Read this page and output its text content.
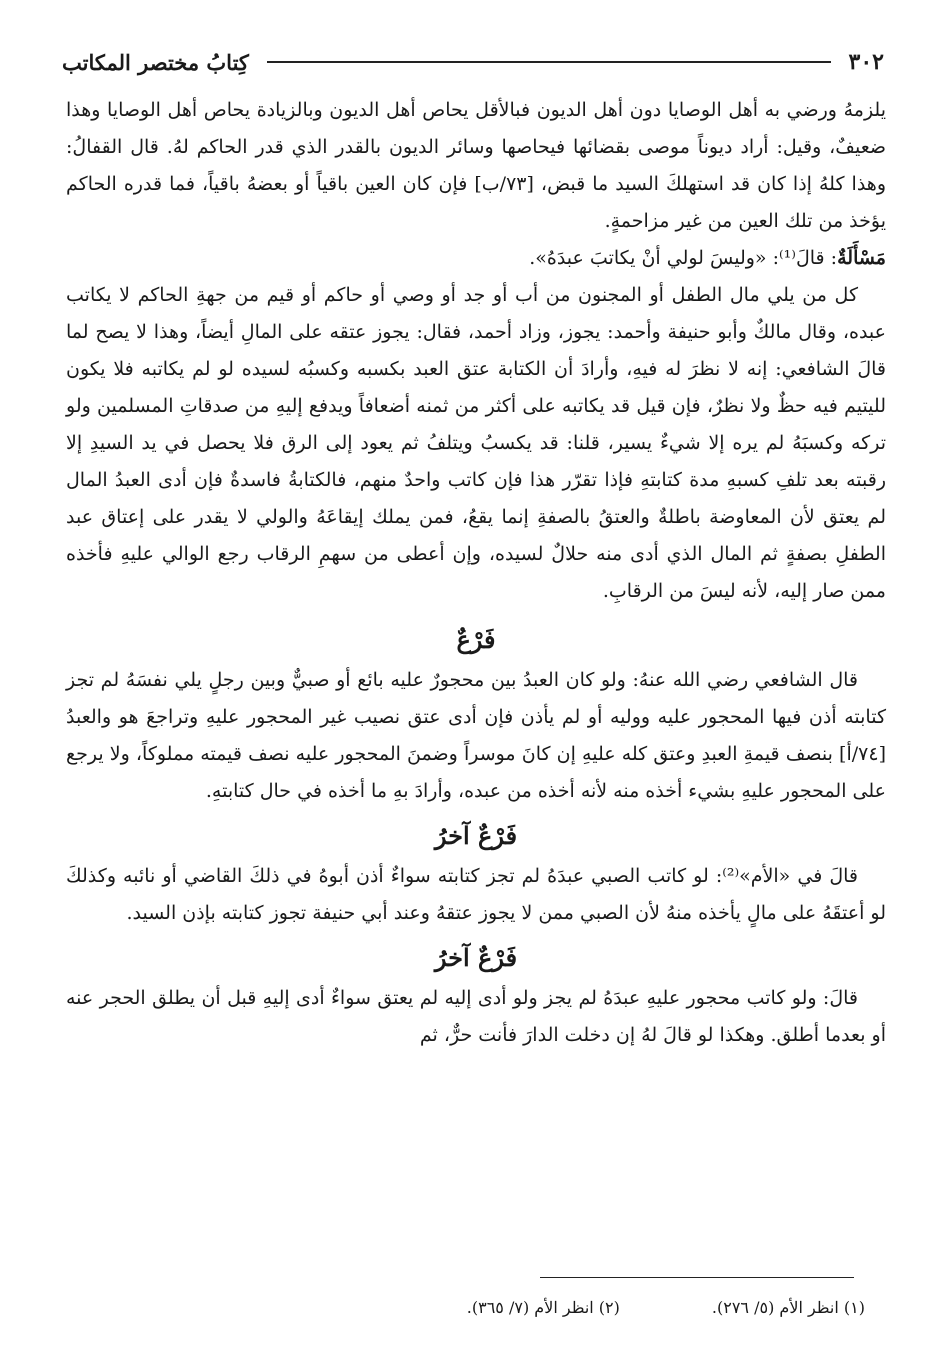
٣٠٢
كِتابُ مختصر المكاتب

يلزمهُ ورضي به أهل الوصايا دون أهل الديون فبالأقل يحاص أهل الديون وبالزيادة يحاص أهل الوصايا وهذا ضعيفٌ، وقيل: أراد ديوناً موصى بقضائها فيحاصها وسائر الديون بالقدر الذي قدر الحاكم لهُ. قال القفالُ: وهذا كلهُ إذا كان قد استهلكَ السيد ما قبض، [٧٣/ب] فإن كان العين باقياً أو بعضهُ باقياً، فما قدره الحاكم يؤخذ من تلك العين من غير مزاحمةٍ.

مَسْأَلَةٌ: قالَ⁽¹⁾: «وليسَ لولي أنْ يكاتبَ عبدَهُ».

كل من يلي مال الطفل أو المجنون من أب أو جد أو وصي أو حاكم أو قيم من جهةِ الحاكم لا يكاتب عبده، وقال مالكٌ وأبو حنيفة وأحمد: يجوز، وزاد أحمد، فقال: يجوز عتقه على المالِ أيضاً، وهذا لا يصح لما قالَ الشافعي: إنه لا نظرَ له فيهِ، وأرادَ أن الكتابة عتق العبد بكسبه وكسبُه لسيده لو لم يكاتبه فلا يكون لليتيم فيه حظٌ ولا نظرٌ، فإن قيل قد يكاتبه على أكثر من ثمنه أضعافاً ويدفع إليهِ من صدقاتِ المسلمين ولو تركه وكسبَهُ لم يره إلا شيءٌ يسير، قلنا: قد يكسبُ ويتلفُ ثم يعود إلى الرق فلا يحصل في يد السيدِ إلا رقبته بعد تلفِ كسبهِ مدة كتابتهِ فإذا تقرّر هذا فإن كاتب واحدٌ منهم، فالكتابةُ فاسدةٌ فإن أدى العبدُ المال لم يعتق لأن المعاوضة باطلةٌ والعتقُ بالصفةِ إنما يقعُ، فمن يملك إيقاعَهُ والولي لا يقدر على إعتاق عبد الطفلِ بصفةٍ ثم المال الذي أدى منه حلالٌ لسيده، وإن أعطى من سهمِ الرقاب رجع الوالي عليهِ فأخذه ممن صار إليه، لأنه ليسَ من الرقابِ.

فَرْعٌ

قال الشافعي رضي الله عنهُ: ولو كان العبدُ بين محجورٌ عليه بائع أو صبيٌّ وبين رجلٍ يلي نفسَهُ لم تجز كتابته أذن فيها المحجور عليه ووليه أو لم يأذن فإن أدى عتق نصيب غير المحجور عليهِ وتراجعَ هو والعبدُ [٧٤/أ] بنصف قيمةِ العبدِ وعتق كله عليهِ إن كانَ موسراً وضمنَ المحجور عليه نصف قيمته مملوكاً، ولا يرجع على المحجور عليهِ بشيء أخذه منه لأنه أخذه من عبده، وأرادَ بهِ ما أخذه في حال كتابتهِ.

فَرْعٌ آخرُ

قالَ في «الأم»⁽²⁾: لو كاتب الصبي عبدَهُ لم تجز كتابته سواءٌ أذن أبوهُ في ذلكَ القاضي أو نائبه وكذلكَ لو أعتقَهُ على مالٍ يأخذه منهُ لأن الصبي ممن لا يجوز عتقهُ وعند أبي حنيفة تجوز كتابته بإذن السيد.

فَرْعٌ آخرُ

قالَ: ولو كاتب محجور عليهِ عبدَهُ لم يجز ولو أدى إليه لم يعتق سواءٌ أدى إليهِ قبل أن يطلق الحجر عنه أو بعدما أطلق. وهكذا لو قالَ لهُ إن دخلت الدارَ فأنت حرٌّ، ثم

(١) انظر الأم (٥/ ٢٧٦).
(٢) انظر الأم (٧/ ٣٦٥).
